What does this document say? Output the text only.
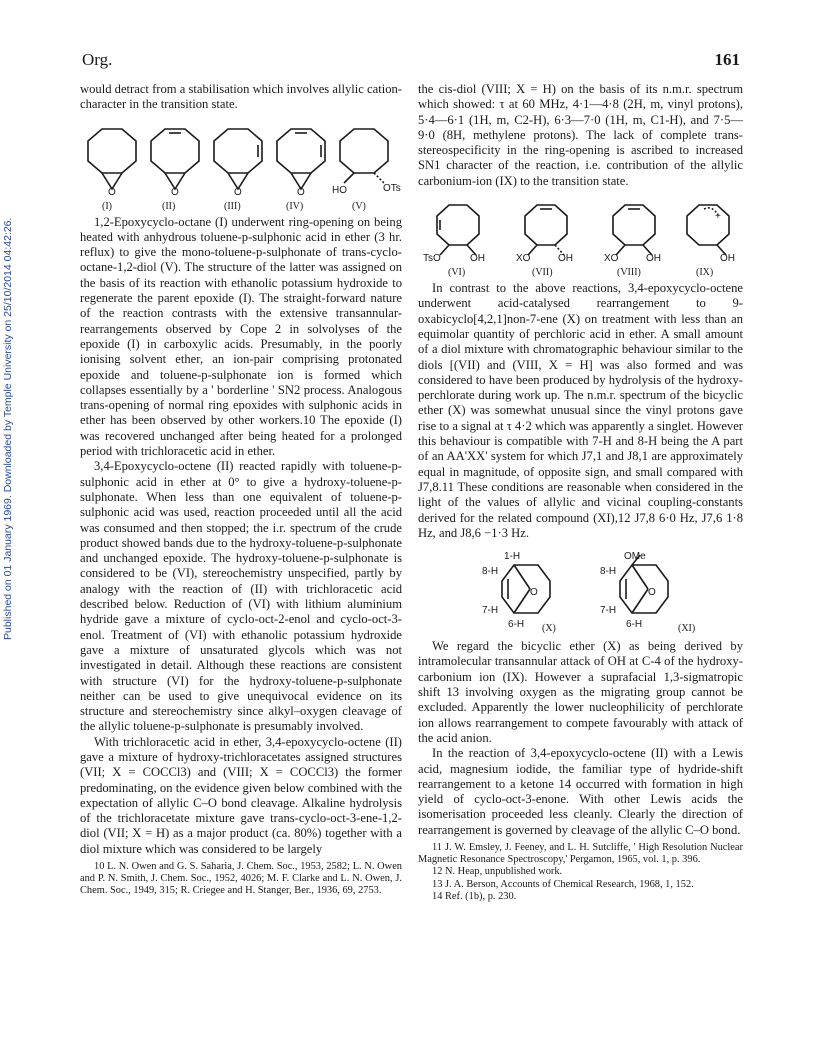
Published on 01 January 1969. Downloaded by Temple University on 25/10/2014 04:42:26.
Org.	161

would detract from a stabilisation which involves allylic cation-character in the transition state.

O	O	O	O	HO	OTs
(I)	(II)	(III)	(IV)	(V)

1,2-Epoxycyclo-octane (I) underwent ring-opening on being heated with anhydrous toluene-p-sulphonic acid in ether (3 hr. reflux) to give the mono-toluene-p-sulphonate of trans-cyclo-octane-1,2-diol (V). The structure of the latter was assigned on the basis of its reaction with ethanolic potassium hydroxide to regenerate the parent epoxide (I). The straight-forward nature of the reaction contrasts with the extensive transannular-rearrangements observed by Cope 2 in solvolyses of the epoxide (I) in carboxylic acids. Presumably, in the poorly ionising solvent ether, an ion-pair comprising protonated epoxide and toluene-p-sulphonate ion is formed which collapses essentially by a ' borderline ' SN2 process. Analogous trans-opening of normal ring epoxides with sulphonic acids in ether has been observed by other workers.10 The epoxide (I) was recovered unchanged after being heated for a prolonged period with trichloracetic acid in ether.

3,4-Epoxycyclo-octene (II) reacted rapidly with toluene-p-sulphonic acid in ether at 0° to give a hydroxy-toluene-p-sulphonate. When less than one equivalent of toluene-p-sulphonic acid was used, reaction proceeded until all the acid was consumed and then stopped; the i.r. spectrum of the crude product showed bands due to the hydroxy-toluene-p-sulphonate and unchanged epoxide. The hydroxy-toluene-p-sulphonate is considered to be (VI), stereochemistry unspecified, partly by analogy with the reaction of (II) with trichloracetic acid described below. Reduction of (VI) with lithium aluminium hydride gave a mixture of cyclo-oct-2-enol and cyclo-oct-3-enol. Treatment of (VI) with ethanolic potassium hydroxide gave a mixture of unsaturated glycols which was not investigated in detail. Although these reactions are consistent with structure (VI) for the hydroxy-toluene-p-sulphonate neither can be used to give unequivocal evidence on its structure and stereochemistry since alkyl–oxygen cleavage of the allylic toluene-p-sulphonate is presumably involved.

With trichloracetic acid in ether, 3,4-epoxycyclo-octene (II) gave a mixture of hydroxy-trichloracetates assigned structures (VII; X = COCCl3) and (VIII; X = COCCl3) the former predominating, on the evidence given below combined with the expectation of allylic C–O bond cleavage. Alkaline hydrolysis of the trichloracetate mixture gave trans-cyclo-oct-3-ene-1,2-diol (VII; X = H) as a major product (ca. 80%) together with a diol mixture which was considered to be largely

10 L. N. Owen and G. S. Saharia, J. Chem. Soc., 1953, 2582; L. N. Owen and P. N. Smith, J. Chem. Soc., 1952, 4026; M. F. Clarke and L. N. Owen, J. Chem. Soc., 1949, 315; R. Criegee and H. Stanger, Ber., 1936, 69, 2753.

the cis-diol (VIII; X = H) on the basis of its n.m.r. spectrum which showed: τ at 60 MHz, 4·1—4·8 (2H, m, vinyl protons), 5·4—6·1 (1H, m, C2-H), 6·3—7·0 (1H, m, C1-H), and 7·5—9·0 (8H, methylene protons). The lack of complete trans-stereospecificity in the ring-opening is ascribed to increased SN1 character of the reaction, i.e. contribution of the allylic carbonium-ion (IX) to the transition state.

TsO	OH	XO	OH	XO	OH
+
OH
(VI)	(VII)	(VIII)	(IX)

In contrast to the above reactions, 3,4-epoxycyclo-octene underwent acid-catalysed rearrangement to 9-oxabicyclo[4,2,1]non-7-ene (X) on treatment with less than an equimolar quantity of perchloric acid in ether. A small amount of a diol mixture with chromatographic behaviour similar to the diols [(VII) and (VIII, X = H] was also formed and was considered to have been produced by hydrolysis of the hydroxy-perchlorate during work up. The n.m.r. spectrum of the bicyclic ether (X) was somewhat unusual since the vinyl protons gave rise to a signal at τ 4·2 which was apparently a singlet. However this behaviour is compatible with 7-H and 8-H being the A part of an AA'XX' system for which J7,1 and J8,1 are approximately equal in magnitude, of opposite sign, and small compared with J7,8.11 These conditions are reasonable when considered in the light of the values of allylic and vicinal coupling-constants derived for the related compound (XI),12 J7,8 6·0 Hz, J7,6 1·8 Hz, and J8,6 −1·3 Hz.

1-H
8-H
O
7-H
6-H (X)
OMe
8-H
O
7-H
6-H	(XI)

We regard the bicyclic ether (X) as being derived by intramolecular transannular attack of OH at C-4 of the hydroxy-carbonium ion (IX). However a suprafacial 1,3-sigmatropic shift 13 involving oxygen as the migrating group cannot be excluded. Apparently the lower nucleophilicity of perchlorate ion allows rearrangement to compete favourably with attack of the acid anion.

In the reaction of 3,4-epoxycyclo-octene (II) with a Lewis acid, magnesium iodide, the familiar type of hydride-shift rearrangement to a ketone 14 occurred with formation in high yield of cyclo-oct-3-enone. With other Lewis acids the isomerisation proceeded less cleanly. Clearly the direction of rearrangement is governed by cleavage of the allylic C–O bond.

11 J. W. Emsley, J. Feeney, and L. H. Sutcliffe, ' High Resolution Nuclear Magnetic Resonance Spectroscopy,' Pergamon, 1965, vol. 1, p. 396.

12 N. Heap, unpublished work.

13 J. A. Berson, Accounts of Chemical Research, 1968, 1, 152.

14 Ref. (1b), p. 230.
